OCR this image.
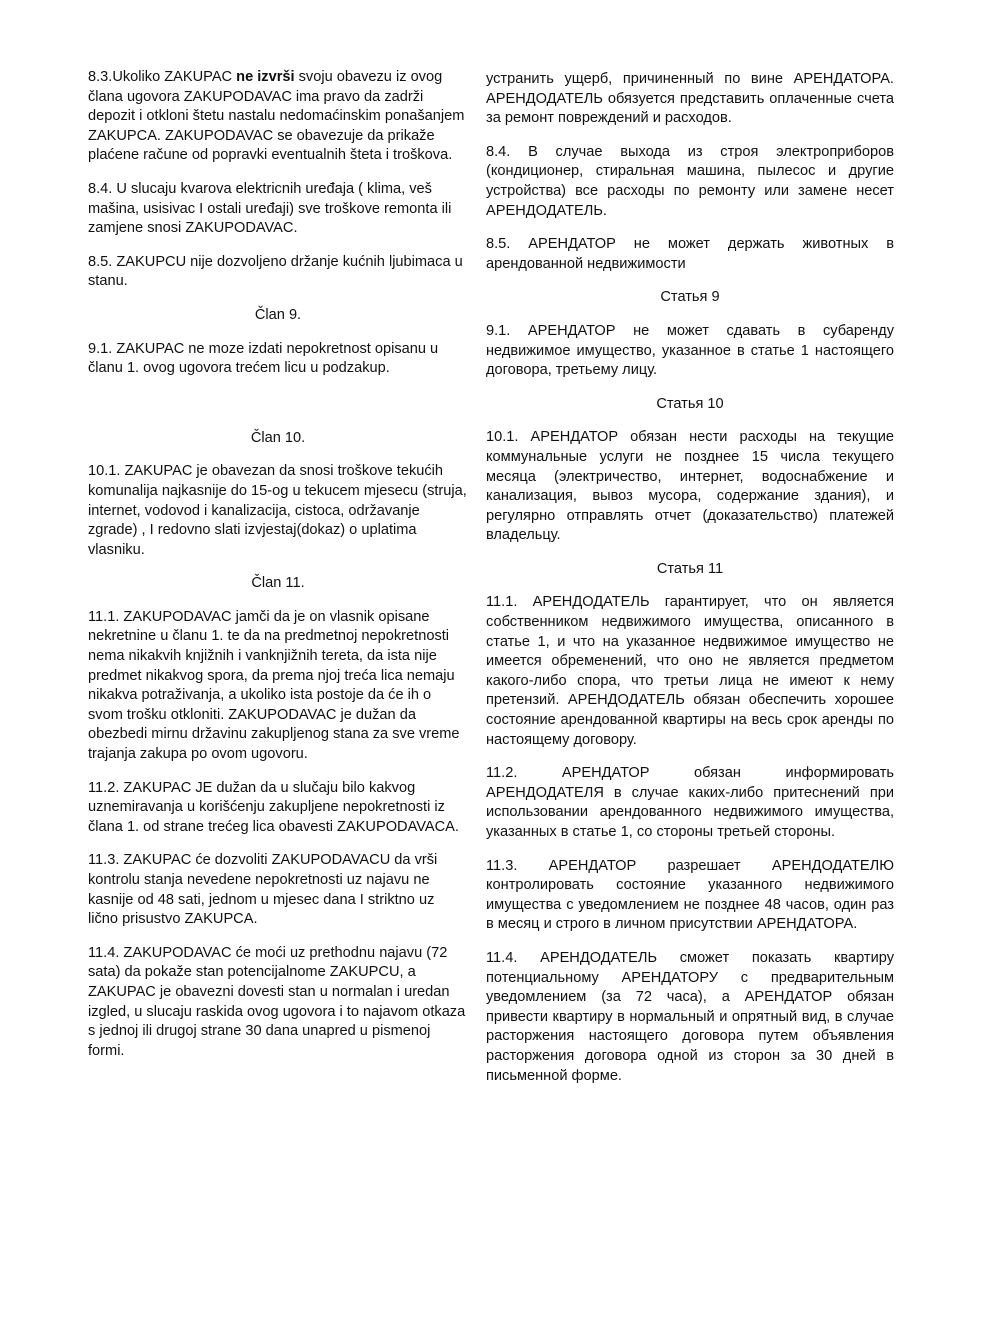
8.3.Ukoliko ZAKUPAC ne izvrši svoju obavezu iz ovog člana ugovora ZAKUPODAVAC ima pravo da zadrži depozit i otkloni štetu nastalu nedomaćinskim ponašanjem ZAKUPCA. ZAKUPODAVAC se obavezuje da prikaže plaćene račune od popravki eventualnih šteta i troškova.

8.4. U slucaju kvarova elektricnih uređaja ( klima, veš mašina, usisivac I ostali uređaji) sve troškove remonta ili zamjene snosi ZAKUPODAVAC.

8.5. ZAKUPCU nije dozvoljeno držanje kućnih ljubimaca u stanu.

Član 9.

9.1. ZAKUPAC ne moze izdati nepokretnost opisanu u članu 1. ovog ugovora trećem licu u podzakup.

Član 10.

10.1. ZAKUPAC je obavezan da snosi troškove tekućih komunalija najkasnije do 15-og u tekucem mjesecu (struja, internet, vodovod i kanalizacija, cistoca, održavanje zgrade) , I redovno slati izvjestaj(dokaz) o uplatima vlasniku.

Član 11.

11.1. ZAKUPODAVAC jamči da je on vlasnik opisane nekretnine u članu 1. te da na predmetnoj nepokretnosti nema nikakvih knjižnih i vanknjižnih tereta, da ista nije predmet nikakvog spora, da prema njoj treća lica nemaju nikakva potraživanja, a ukoliko ista postoje da će ih o svom trošku otkloniti. ZAKUPODAVAC je dužan da obezbedi mirnu državinu zakupljenog stana za sve vreme trajanja zakupa po ovom ugovoru.

11.2. ZAKUPAC JE dužan da u slučaju bilo kakvog uznemiravanja u korišćenju zakupljene nepokretnosti iz člana 1. od strane trećeg lica obavesti ZAKUPODAVACA.

11.3. ZAKUPAC će dozvoliti ZAKUPODAVACU da vrši kontrolu stanja nevedene nepokretnosti uz najavu ne kasnije od 48 sati, jednom u mjesec dana I striktno uz lično prisustvo ZAKUPCA.

11.4. ZAKUPODAVAC će moći uz prethodnu najavu (72 sata) da pokaže stan potencijalnome ZAKUPCU, a ZAKUPAC je obavezni dovesti stan u normalan i uredan izgled, u slucaju raskida ovog ugovora i to najavom otkaza s jednoj ili drugoj strane 30 dana unapred u pismenoj formi.

устранить ущерб, причиненный по вине АРЕНДАТОРА. АРЕНДОДАТЕЛЬ обязуется представить оплаченные счета за ремонт повреждений и расходов.

8.4. В случае выхода из строя электроприборов (кондиционер, стиральная машина, пылесос и другие устройства) все расходы по ремонту или замене несет АРЕНДОДАТЕЛЬ.

8.5. АРЕНДАТОР не может держать животных в арендованной недвижимости

Статья 9

9.1. АРЕНДАТОР не может сдавать в субаренду недвижимое имущество, указанное в статье 1 настоящего договора, третьему лицу.

Статья 10

10.1. АРЕНДАТОР обязан нести расходы на текущие коммунальные услуги не позднее 15 числа текущего месяца (электричество, интернет, водоснабжение и канализация, вывоз мусора, содержание здания), и регулярно отправлять отчет (доказательство) платежей владельцу.

Статья 11

11.1. АРЕНДОДАТЕЛЬ гарантирует, что он является собственником недвижимого имущества, описанного в статье 1, и что на указанное недвижимое имущество не имеется обременений, что оно не является предметом какого-либо спора, что третьи лица не имеют к нему претензий. АРЕНДОДАТЕЛЬ обязан обеспечить хорошее состояние арендованной квартиры на весь срок аренды по настоящему договору.

11.2. АРЕНДАТОР обязан информировать АРЕНДОДАТЕЛЯ в случае каких-либо притеснений при использовании арендованного недвижимого имущества, указанных в статье 1, со стороны третьей стороны.

11.3. АРЕНДАТОР разрешает АРЕНДОДАТЕЛЮ контролировать состояние указанного недвижимого имущества с уведомлением не позднее 48 часов, один раз в месяц и строго в личном присутствии АРЕНДАТОРА.

11.4. АРЕНДОДАТЕЛЬ сможет показать квартиру потенциальному АРЕНДАТОРУ с предварительным уведомлением (за 72 часа), а АРЕНДАТОР обязан привести квартиру в нормальный и опрятный вид, в случае расторжения настоящего договора путем объявления расторжения договора одной из сторон за 30 дней в письменной форме.
